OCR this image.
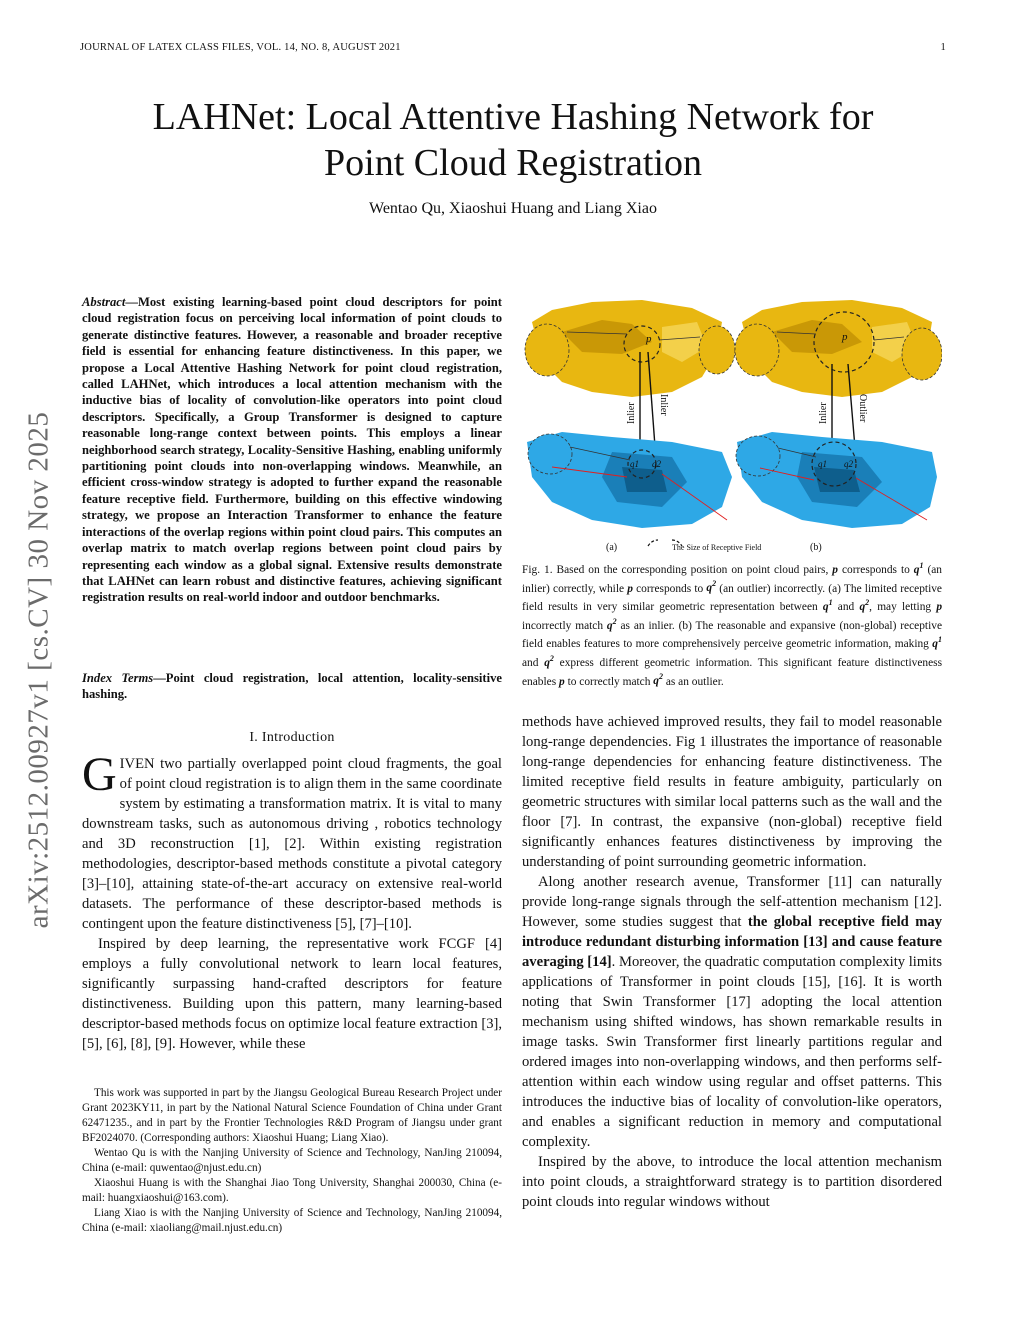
JOURNAL OF LATEX CLASS FILES, VOL. 14, NO. 8, AUGUST 2021	1
arXiv:2512.00927v1 [cs.CV] 30 Nov 2025
LAHNet: Local Attentive Hashing Network for
Point Cloud Registration
Wentao Qu, Xiaoshui Huang and Liang Xiao
Abstract—Most existing learning-based point cloud descriptors for point cloud registration focus on perceiving local information of point clouds to generate distinctive features. However, a reasonable and broader receptive field is essential for enhancing feature distinctiveness. In this paper, we propose a Local Attentive Hashing Network for point cloud registration, called LAHNet, which introduces a local attention mechanism with the inductive bias of locality of convolution-like operators into point cloud descriptors. Specifically, a Group Transformer is designed to capture reasonable long-range context between points. This employs a linear neighborhood search strategy, Locality-Sensitive Hashing, enabling uniformly partitioning point clouds into non-overlapping windows. Meanwhile, an efficient cross-window strategy is adopted to further expand the reasonable feature receptive field. Furthermore, building on this effective windowing strategy, we propose an Interaction Transformer to enhance the feature interactions of the overlap regions within point cloud pairs. This computes an overlap matrix to match overlap regions between point cloud pairs by representing each window as a global signal. Extensive results demonstrate that LAHNet can learn robust and distinctive features, achieving significant registration results on real-world indoor and outdoor benchmarks.
Index Terms—Point cloud registration, local attention, locality-sensitive hashing.
I. Introduction

GIVEN two partially overlapped point cloud fragments, the goal of point cloud registration is to align them in the same coordinate system by estimating a transformation matrix. It is vital to many downstream tasks, such as autonomous driving , robotics technology and 3D reconstruction [1], [2]. Within existing registration methodologies, descriptor-based methods constitute a pivotal category [3]–[10], attaining state-of-the-art accuracy on extensive real-world datasets. The performance of these descriptor-based methods is contingent upon the feature distinctiveness [5], [7]–[10].

Inspired by deep learning, the representative work FCGF [4] employs a fully convolutional network to learn local features, significantly surpassing hand-crafted descriptors for feature distinctiveness. Building upon this pattern, many learning-based descriptor-based methods focus on optimize local feature extraction [3], [5], [6], [8], [9]. However, while these

This work was supported in part by the Jiangsu Geological Bureau Research Project under Grant 2023KY11, in part by the National Natural Science Foundation of China under Grant 62471235., and in part by the Frontier Technologies R&D Program of Jiangsu under grant BF2024070. (Corresponding authors: Xiaoshui Huang; Liang Xiao).

Wentao Qu is with the Nanjing University of Science and Technology, NanJing 210094, China (e-mail: quwentao@njust.edu.cn)

Xiaoshui Huang is with the Shanghai Jiao Tong University, Shanghai 200030, China (e-mail: huangxiaoshui@163.com).

Liang Xiao is with the Nanjing University of Science and Technology, NanJing 210094, China (e-mail: xiaoliang@mail.njust.edu.cn)

p
Inlier Inlier
q1 q2
p
Inlier	Outlier
q1 q2
(a)	The Size of Receptive Field	(b)
Fig. 1. Based on the corresponding position on point cloud pairs, p corresponds to $q^1$ (an inlier) correctly, while p corresponds to $q^2$ (an outlier) incorrectly. (a) The limited receptive field results in very similar geometric representation between $q^1$ and $q^2$, may letting p incorrectly match $q^2$ as an inlier. (b) The reasonable and expansive (non-global) receptive field enables features to more comprehensively perceive geometric information, making $q^1$ and $q^2$ express different geometric information. This significant feature distinctiveness enables p to correctly match $q^2$ as an outlier.

methods have achieved improved results, they fail to model reasonable long-range dependencies. Fig 1 illustrates the importance of reasonable long-range dependencies for enhancing feature distinctiveness. The limited receptive field results in feature ambiguity, particularly on geometric structures with similar local patterns such as the wall and the floor [7]. In contrast, the expansive (non-global) receptive field significantly enhances features distinctiveness by improving the understanding of point surrounding geometric information.

Along another research avenue, Transformer [11] can naturally provide long-range signals through the self-attention mechanism [12]. However, some studies suggest that the global receptive field may introduce redundant disturbing information [13] and cause feature averaging [14]. Moreover, the quadratic computation complexity limits applications of Transformer in point clouds [15], [16]. It is worth noting that Swin Transformer [17] adopting the local attention mechanism using shifted windows, has shown remarkable results in image tasks. Swin Transformer first linearly partitions regular and ordered images into non-overlapping windows, and then performs self-attention within each window using regular and offset patterns. This introduces the inductive bias of locality of convolution-like operators, and enables a significant reduction in memory and computational complexity.

Inspired by the above, to introduce the local attention mechanism into point clouds, a straightforward strategy is to partition disordered point clouds into regular windows without
